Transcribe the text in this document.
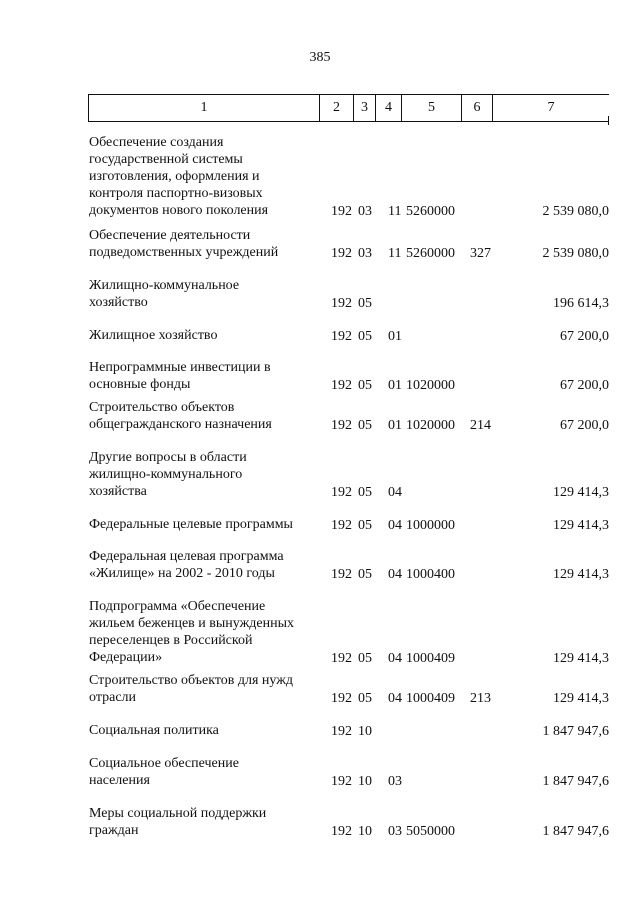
385
1	2	3	4	5	6	7
Обеспечение создания
государственной системы
изготовления, оформления и
контроля паспортно-визовых
документов нового поколения	192 03 11 5260000	2 539 080,0
Обеспечение деятельности
подведомственных учреждений	192 03 11 5260000 327	2 539 080,0
Жилищно-коммунальное
хозяйство	192 05	196 614,3
Жилищное хозяйство	192 05 01	67 200,0
Непрограммные инвестиции в
основные фонды	192 05 01 1020000	67 200,0
Строительство объектов
общегражданского назначения	192 05 01 1020000 214	67 200,0
Другие вопросы в области
жилищно-коммунального
хозяйства	192 05 04	129 414,3
Федеральные целевые программы	192 05 04 1000000	129 414,3
Федеральная целевая программа
«Жилище» на 2002 - 2010 годы	192 05 04 1000400	129 414,3
Подпрограмма «Обеспечение
жильем беженцев и вынужденных
переселенцев в Российской
Федерации»	192 05 04 1000409	129 414,3
Строительство объектов для нужд
отрасли	192 05 04 1000409 213	129 414,3
Социальная политика	192 10	1 847 947,6
Социальное обеспечение
населения	192 10 03	1 847 947,6
Меры социальной поддержки
граждан	192 10 03 5050000	1 847 947,6
